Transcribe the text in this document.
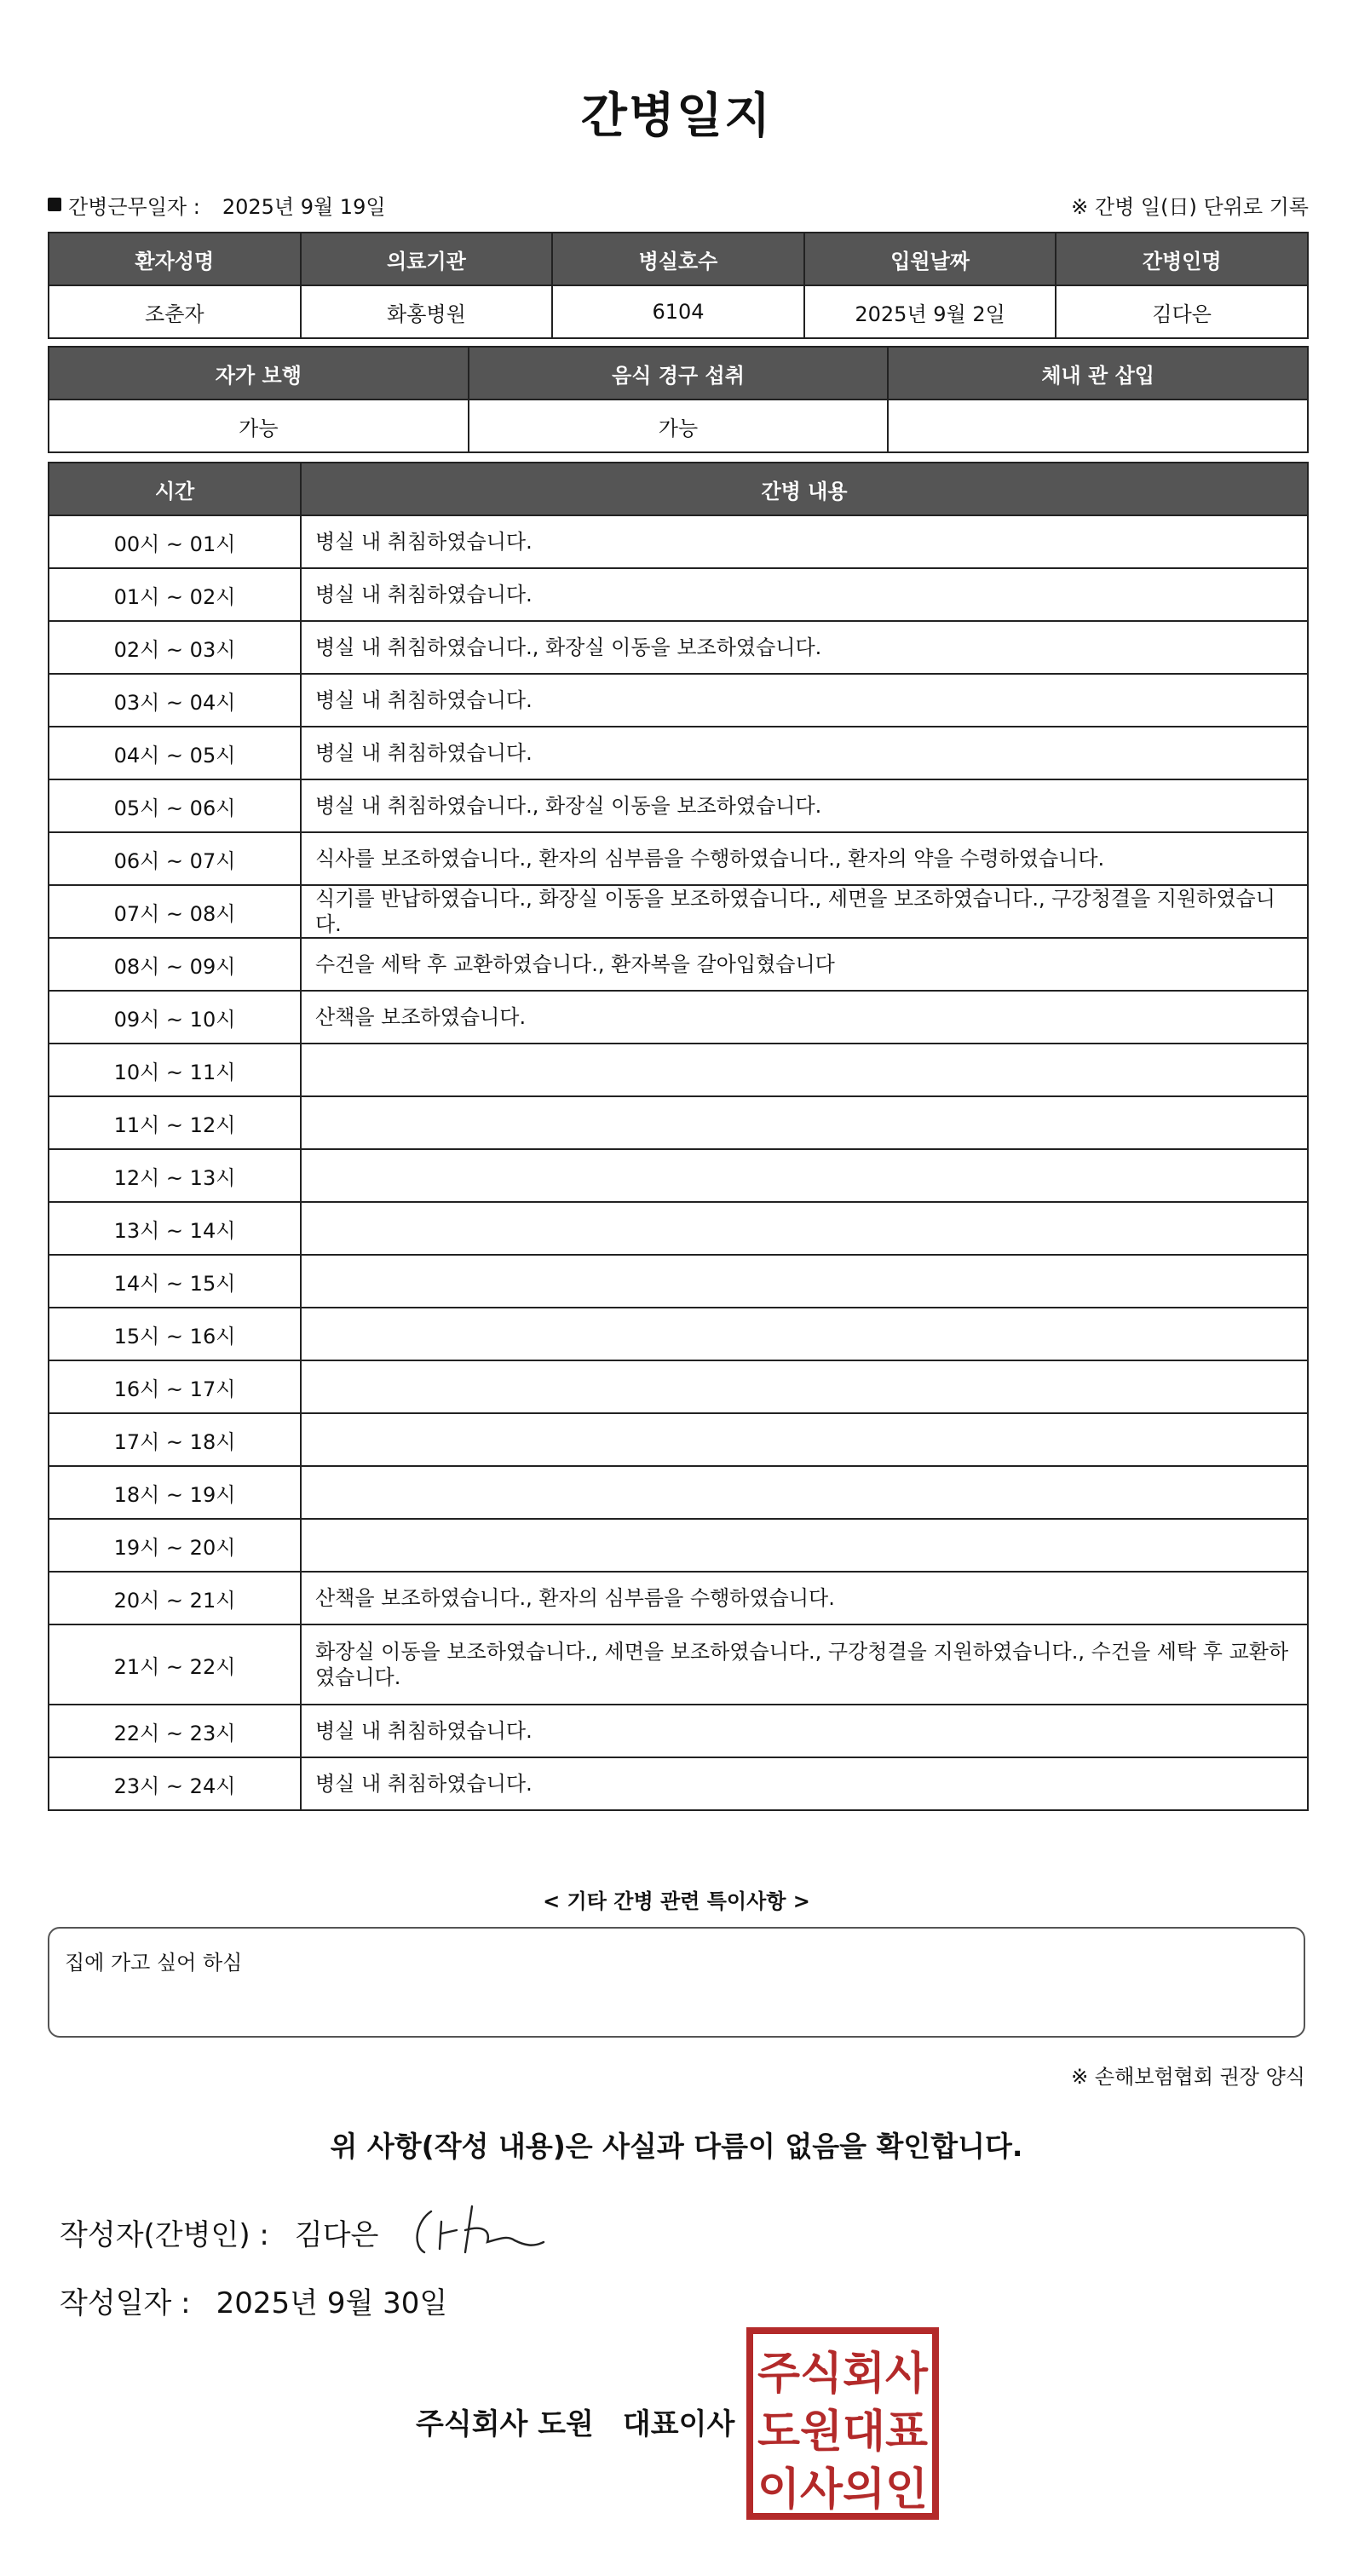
간병일지
간병근무일자 : 2025년 9월 19일	※ 간병 일(日) 단위로 기록
환자성명	의료기관	병실호수	입원날짜	간병인명
조춘자	화홍병원	6104	2025년 9월 2일	김다은
자가 보행	음식 경구 섭취	체내 관 삽입
가능	가능	
시간	간병 내용
00시 ~ 01시	병실 내 취침하였습니다.
01시 ~ 02시	병실 내 취침하였습니다.
02시 ~ 03시	병실 내 취침하였습니다., 화장실 이동을 보조하였습니다.
03시 ~ 04시	병실 내 취침하였습니다.
04시 ~ 05시	병실 내 취침하였습니다.
05시 ~ 06시	병실 내 취침하였습니다., 화장실 이동을 보조하였습니다.
06시 ~ 07시	식사를 보조하였습니다., 환자의 심부름을 수행하였습니다., 환자의 약을 수령하였습니다.
07시 ~ 08시	식기를 반납하였습니다., 화장실 이동을 보조하였습니다., 세면을 보조하였습니다., 구강청결을 지원하였습니다.
08시 ~ 09시	수건을 세탁 후 교환하였습니다., 환자복을 갈아입혔습니다
09시 ~ 10시	산책을 보조하였습니다.
10시 ~ 11시	
11시 ~ 12시	
12시 ~ 13시	
13시 ~ 14시	
14시 ~ 15시	
15시 ~ 16시	
16시 ~ 17시	
17시 ~ 18시	
18시 ~ 19시	
19시 ~ 20시	
20시 ~ 21시	산책을 보조하였습니다., 환자의 심부름을 수행하였습니다.
21시 ~ 22시	화장실 이동을 보조하였습니다., 세면을 보조하였습니다., 구강청결을 지원하였습니다., 수건을 세탁 후 교환하였습니다.
22시 ~ 23시	병실 내 취침하였습니다.
23시 ~ 24시	병실 내 취침하였습니다.
< 기타 간병 관련 특이사항 >
집에 가고 싶어 하심
※ 손해보험협회 권장 양식
위 사항(작성 내용)은 사실과 다름이 없음을 확인합니다.
작성자(간병인) : 김다은
작성일자 : 2025년 9월 30일
주식회사 도원 대표이사
주식회사
도원대표
이사의인
